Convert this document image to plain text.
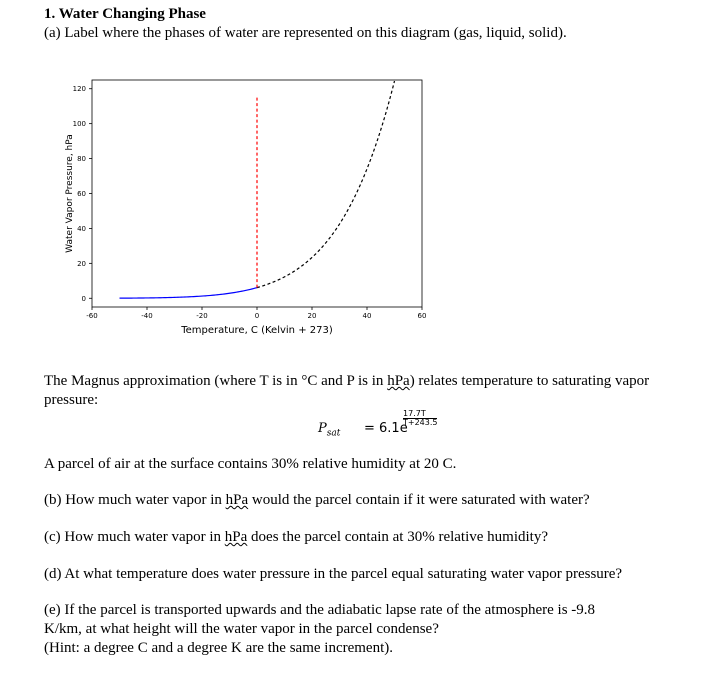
1. Water Changing Phase
(a) Label where the phases of water are represented on this diagram (gas, liquid, solid).
-60	-40	-20	0	20	40	60
0
20
40
60
80
100
120
Temperature, C (Kelvin + 273)
Water Vapor Pressure, hPa
The Magnus approximation (where T is in °C and P is in hPa) relates temperature to saturating vapor pressure:
$P_{sat} = 6.1e$
17.7T
T+243.5
A parcel of air at the surface contains 30% relative humidity at 20 C.
(b) How much water vapor in hPa would the parcel contain if it were saturated with water?
(c) How much water vapor in hPa does the parcel contain at 30% relative humidity?
(d) At what temperature does water pressure in the parcel equal saturating water vapor pressure?
(e) If the parcel is transported upwards and the adiabatic lapse rate of the atmosphere is -9.8
K/km, at what height will the water vapor in the parcel condense?
(Hint: a degree C and a degree K are the same increment).
